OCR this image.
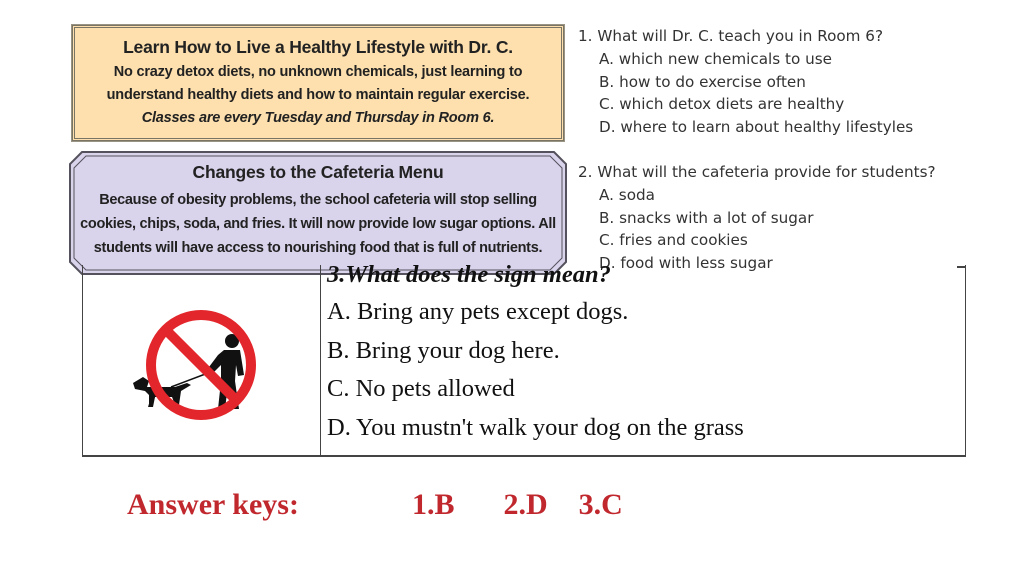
Learn How to Live a Healthy Lifestyle with Dr. C.
No crazy detox diets, no unknown chemicals, just learning to
understand healthy diets and how to maintain regular exercise.
Classes are every Tuesday and Thursday in Room 6.
Changes to the Cafeteria Menu
Because of obesity problems, the school cafeteria will stop selling
cookies, chips, soda, and fries. It will now provide low sugar options. All
students will have access to nourishing food that is full of nutrients.
1. What will Dr. C. teach you in Room 6?
A. which new chemicals to use
B. how to do exercise often
C. which detox diets are healthy
D. where to learn about healthy lifestyles
2. What will the cafeteria provide for students?
A. soda
B. snacks with a lot of sugar
C. fries and cookies
D. food with less sugar
3.What does the sign mean?
A. Bring any pets except dogs.
B. Bring your dog here.
C. No pets allowed
D. You mustn't walk your dog on the grass
Answer keys:	1.B 2.D 3.C
